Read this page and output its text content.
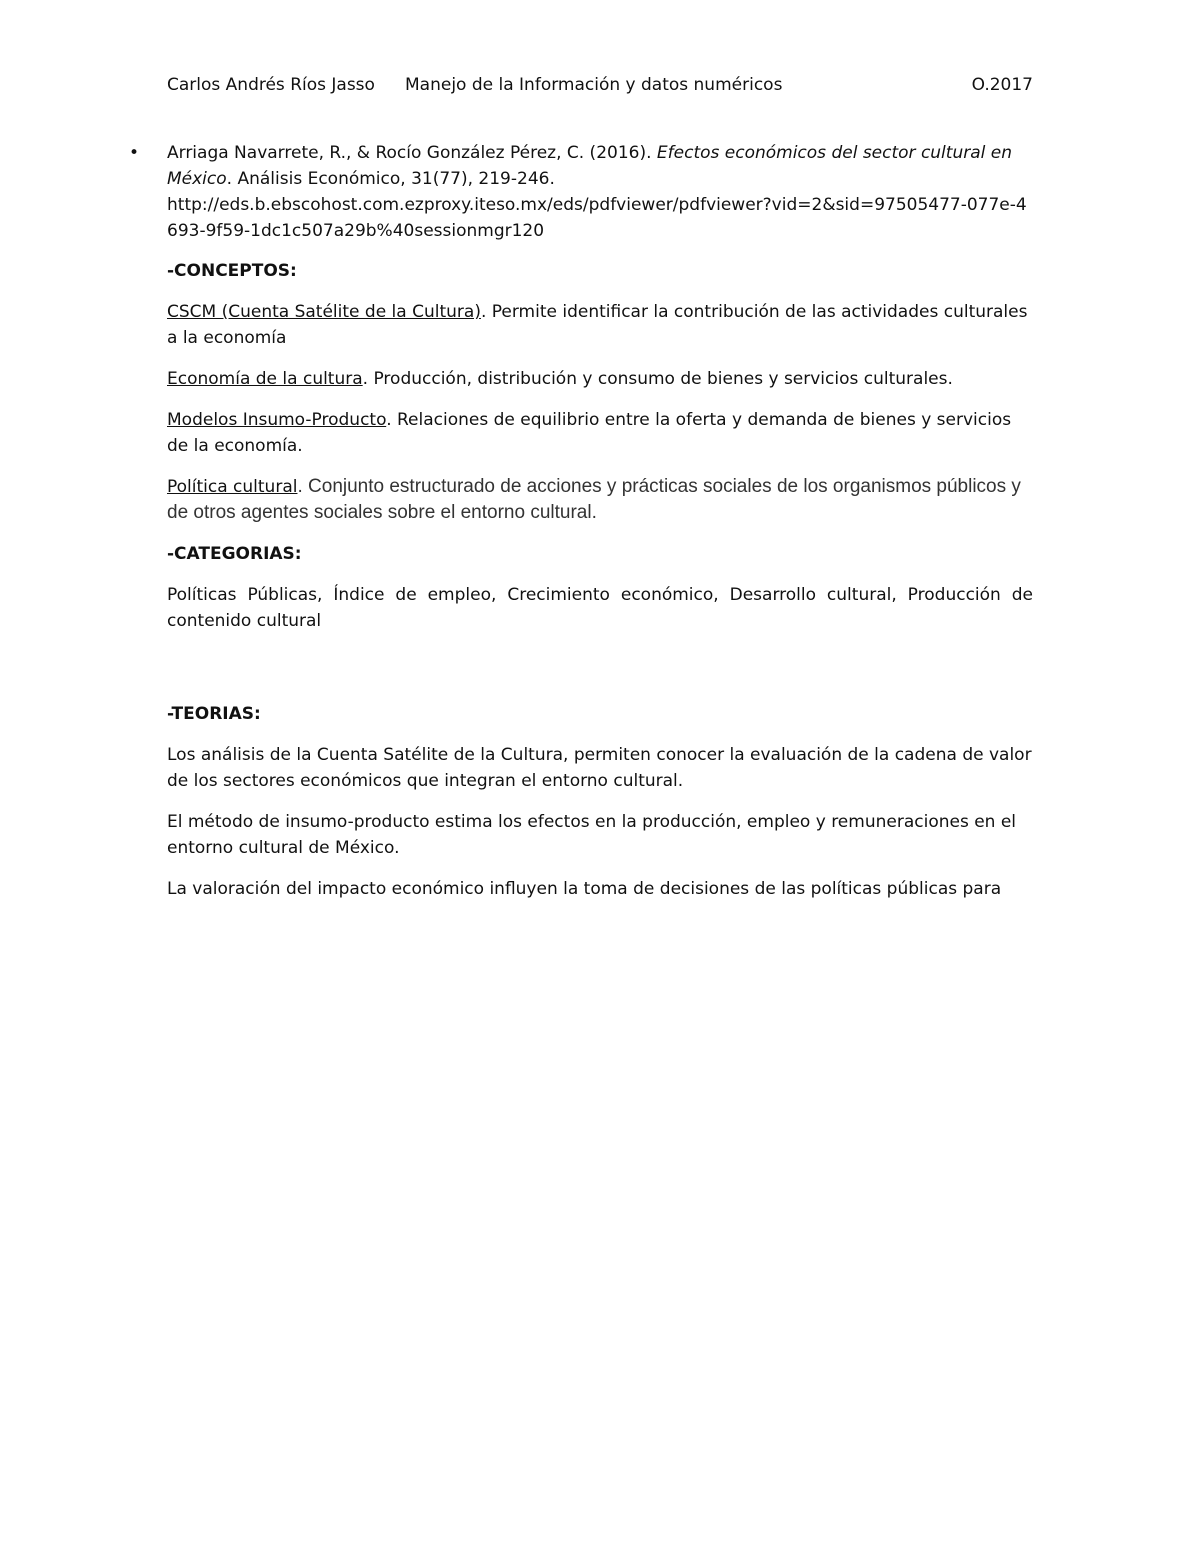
Carlos Andrés Ríos Jasso Manejo de la Información y datos numéricos	O.2017
• Arriaga Navarrete, R., & Rocío González Pérez, C. (2016). Efectos económicos del sector cultural en México. Análisis Económico, 31(77), 219-246.
http://eds.b.ebscohost.com.ezproxy.iteso.mx/eds/pdfviewer/pdfviewer?vid=2&sid=97505477-077e-4693-9f59-1dc1c507a29b%40sessionmgr120
-CONCEPTOS:

CSCM (Cuenta Satélite de la Cultura). Permite identificar la contribución de las actividades culturales a la economía

Economía de la cultura. Producción, distribución y consumo de bienes y servicios culturales.

Modelos Insumo-Producto. Relaciones de equilibrio entre la oferta y demanda de bienes y servicios de la economía.

Política cultural. Conjunto estructurado de acciones y prácticas sociales de los organismos públicos y de otros agentes sociales sobre el entorno cultural.

-CATEGORIAS:

Políticas Públicas, Índice de empleo, Crecimiento económico, Desarrollo cultural, Producción de contenido cultural

-TEORIAS:

Los análisis de la Cuenta Satélite de la Cultura, permiten conocer la evaluación de la cadena de valor de los sectores económicos que integran el entorno cultural.

El método de insumo-producto estima los efectos en la producción, empleo y remuneraciones en el entorno cultural de México.

La valoración del impacto económico influyen la toma de decisiones de las políticas públicas para
